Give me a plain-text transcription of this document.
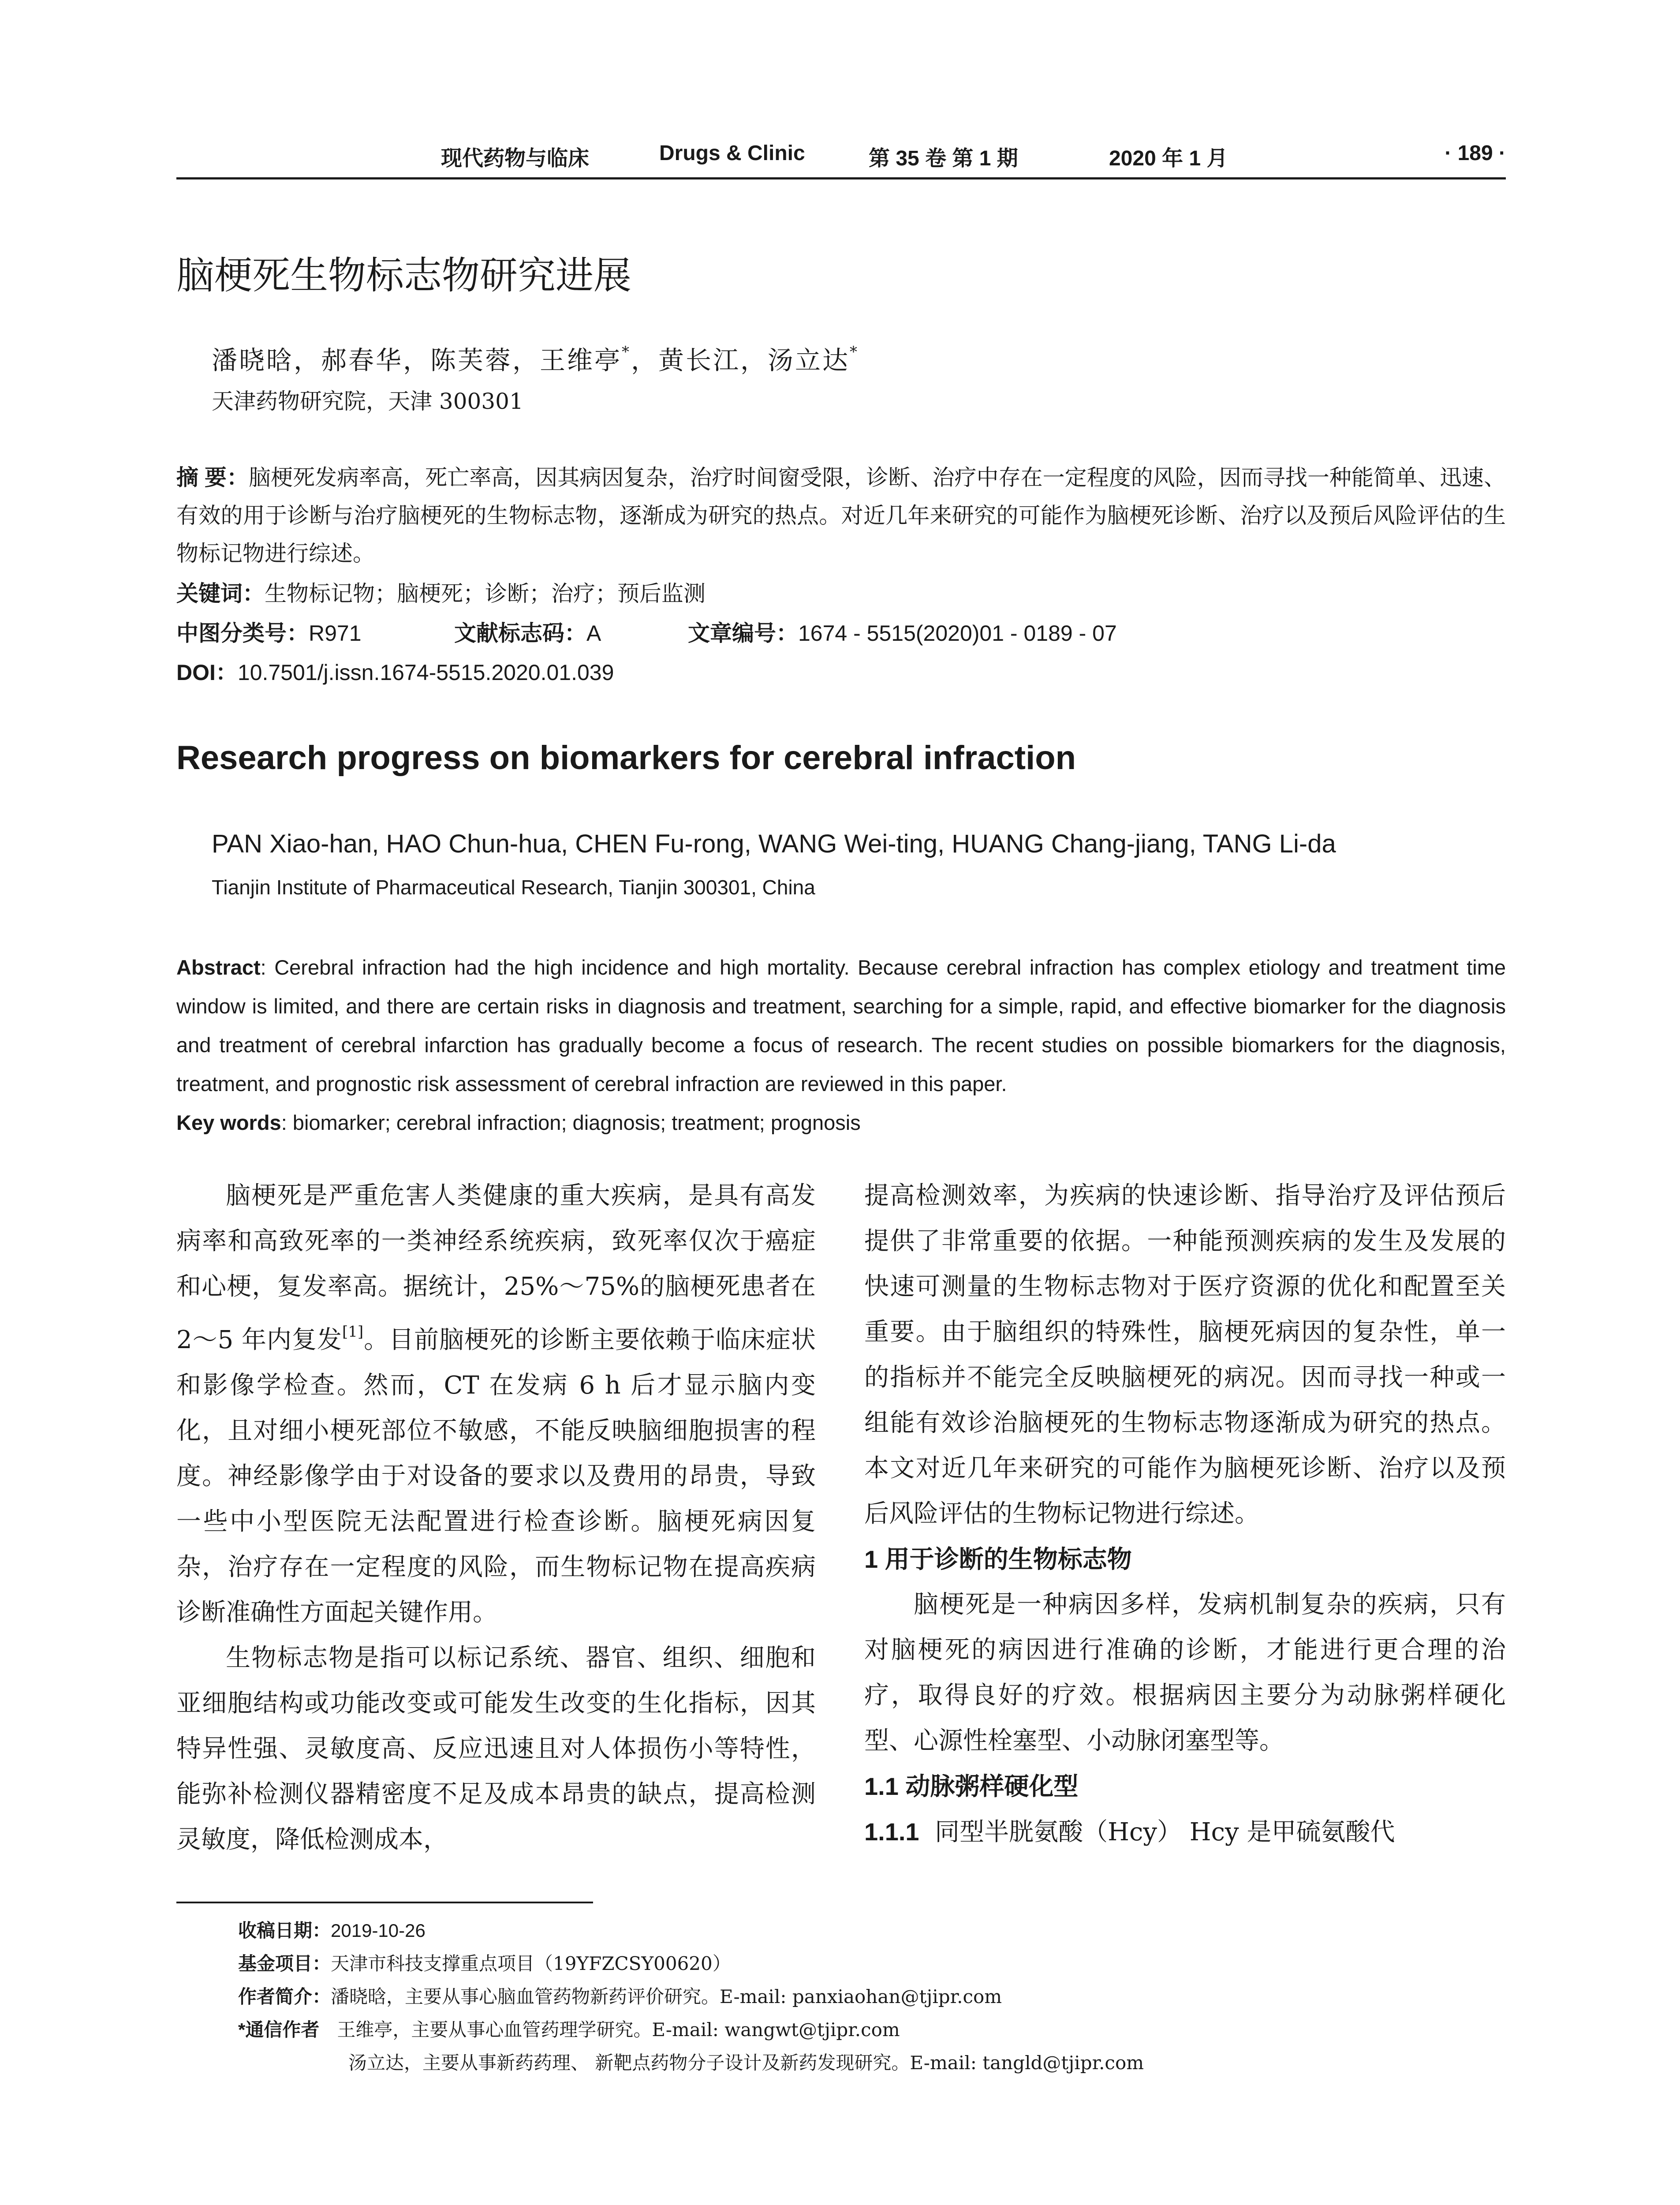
现代药物与临床	Drugs & Clinic	第 35 卷 第 1 期	2020 年 1 月	· 189 ·
脑梗死生物标志物研究进展
潘晓晗，郝春华，陈芙蓉，王维亭*，黄长江，汤立达*
天津药物研究院，天津 300301
摘 要：脑梗死发病率高，死亡率高，因其病因复杂，治疗时间窗受限，诊断、治疗中存在一定程度的风险，因而寻找一种能简单、迅速、有效的用于诊断与治疗脑梗死的生物标志物，逐渐成为研究的热点。对近几年来研究的可能作为脑梗死诊断、治疗以及预后风险评估的生物标记物进行综述。
关键词：生物标记物；脑梗死；诊断；治疗；预后监测
中图分类号：R971	文献标志码：A	文章编号：1674 - 5515(2020)01 - 0189 - 07
DOI：10.7501/j.issn.1674-5515.2020.01.039
Research progress on biomarkers for cerebral infraction
PAN Xiao-han, HAO Chun-hua, CHEN Fu-rong, WANG Wei-ting, HUANG Chang-jiang, TANG Li-da
Tianjin Institute of Pharmaceutical Research, Tianjin 300301, China
Abstract: Cerebral infraction had the high incidence and high mortality. Because cerebral infraction has complex etiology and treatment time window is limited, and there are certain risks in diagnosis and treatment, searching for a simple, rapid, and effective biomarker for the diagnosis and treatment of cerebral infarction has gradually become a focus of research. The recent studies on possible biomarkers for the diagnosis, treatment, and prognostic risk assessment of cerebral infraction are reviewed in this paper.
Key words: biomarker; cerebral infraction; diagnosis; treatment; prognosis

脑梗死是严重危害人类健康的重大疾病，是具有高发病率和高致死率的一类神经系统疾病，致死率仅次于癌症和心梗，复发率高。据统计，25%～75%的脑梗死患者在 2～5 年内复发[1]。目前脑梗死的诊断主要依赖于临床症状和影像学检查。然而，CT 在发病 6 h 后才显示脑内变化，且对细小梗死部位不敏感，不能反映脑细胞损害的程度。神经影像学由于对设备的要求以及费用的昂贵，导致一些中小型医院无法配置进行检查诊断。脑梗死病因复杂，治疗存在一定程度的风险，而生物标记物在提高疾病诊断准确性方面起关键作用。

生物标志物是指可以标记系统、器官、组织、细胞和亚细胞结构或功能改变或可能发生改变的生化指标，因其特异性强、灵敏度高、反应迅速且对人体损伤小等特性，能弥补检测仪器精密度不足及成本昂贵的缺点，提高检测灵敏度，降低检测成本，

提高检测效率，为疾病的快速诊断、指导治疗及评估预后提供了非常重要的依据。一种能预测疾病的发生及发展的快速可测量的生物标志物对于医疗资源的优化和配置至关重要。由于脑组织的特殊性，脑梗死病因的复杂性，单一的指标并不能完全反映脑梗死的病况。因而寻找一种或一组能有效诊治脑梗死的生物标志物逐渐成为研究的热点。本文对近几年来研究的可能作为脑梗死诊断、治疗以及预后风险评估的生物标记物进行综述。

1 用于诊断的生物标志物

脑梗死是一种病因多样，发病机制复杂的疾病，只有对脑梗死的病因进行准确的诊断，才能进行更合理的治疗，取得良好的疗效。根据病因主要分为动脉粥样硬化型、心源性栓塞型、小动脉闭塞型等。

1.1 动脉粥样硬化型

1.1.1 同型半胱氨酸（Hcy） Hcy 是甲硫氨酸代

收稿日期：2019-10-26
基金项目：天津市科技支撑重点项目（19YFZCSY00620）
作者简介：潘晓晗，主要从事心脑血管药物新药评价研究。E-mail: panxiaohan@tjipr.com
*通信作者 王维亭，主要从事心血管药理学研究。E-mail: wangwt@tjipr.com
汤立达，主要从事新药药理、 新靶点药物分子设计及新药发现研究。E-mail: tangld@tjipr.com
